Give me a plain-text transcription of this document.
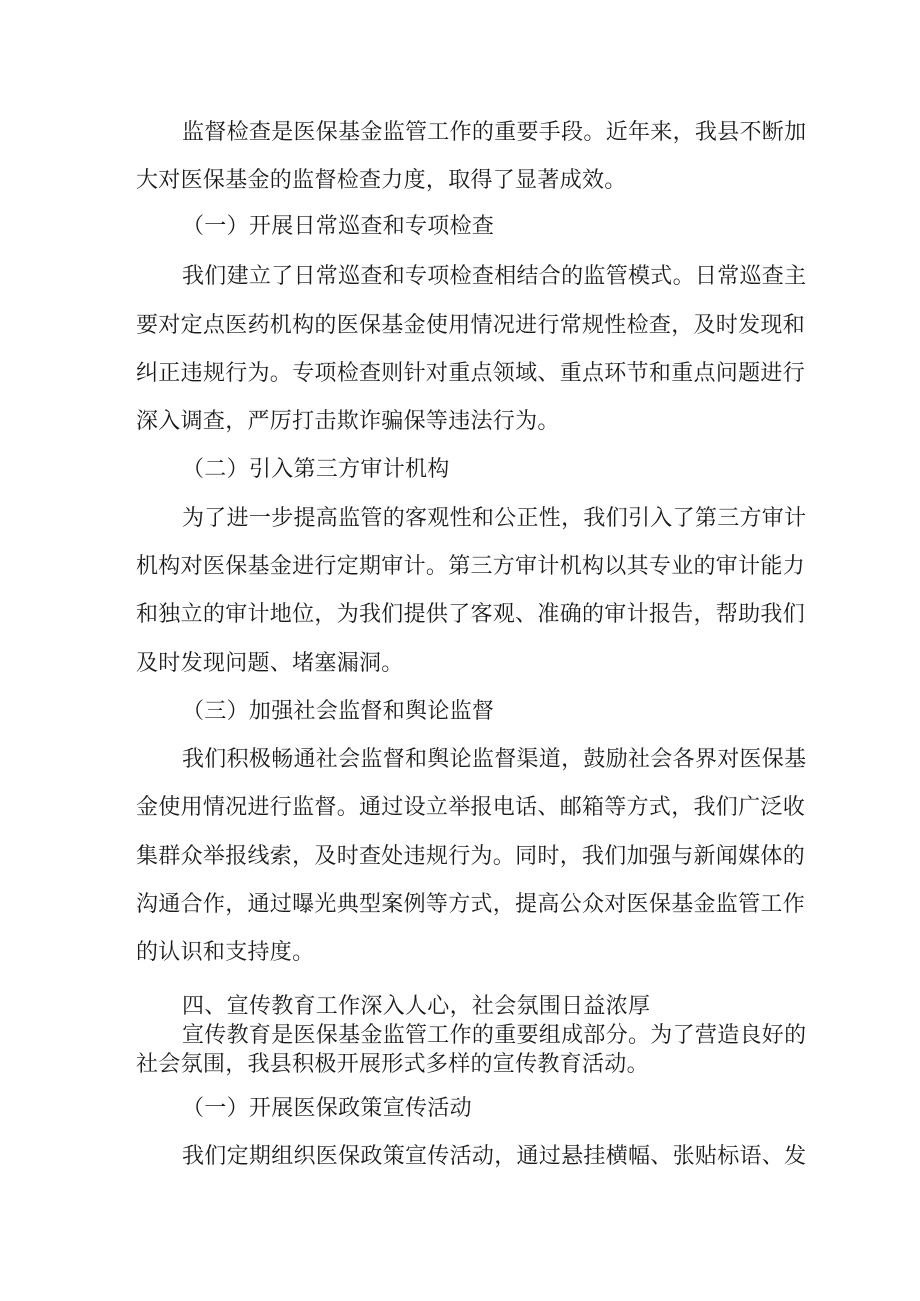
监督检查是医保基金监管工作的重要手段。近年来，我县不断加
大对医保基金的监督检查力度，取得了显著成效。
（一）开展日常巡查和专项检查
我们建立了日常巡查和专项检查相结合的监管模式。日常巡查主
要对定点医药机构的医保基金使用情况进行常规性检查，及时发现和
纠正违规行为。专项检查则针对重点领域、重点环节和重点问题进行
深入调查，严厉打击欺诈骗保等违法行为。
（二）引入第三方审计机构
为了进一步提高监管的客观性和公正性，我们引入了第三方审计
机构对医保基金进行定期审计。第三方审计机构以其专业的审计能力
和独立的审计地位，为我们提供了客观、准确的审计报告，帮助我们
及时发现问题、堵塞漏洞。
（三）加强社会监督和舆论监督
我们积极畅通社会监督和舆论监督渠道，鼓励社会各界对医保基
金使用情况进行监督。通过设立举报电话、邮箱等方式，我们广泛收
集群众举报线索，及时查处违规行为。同时，我们加强与新闻媒体的
沟通合作，通过曝光典型案例等方式，提高公众对医保基金监管工作
的认识和支持度。
四、宣传教育工作深入人心，社会氛围日益浓厚
宣传教育是医保基金监管工作的重要组成部分。为了营造良好的
社会氛围，我县积极开展形式多样的宣传教育活动。
（一）开展医保政策宣传活动
我们定期组织医保政策宣传活动，通过悬挂横幅、张贴标语、发
